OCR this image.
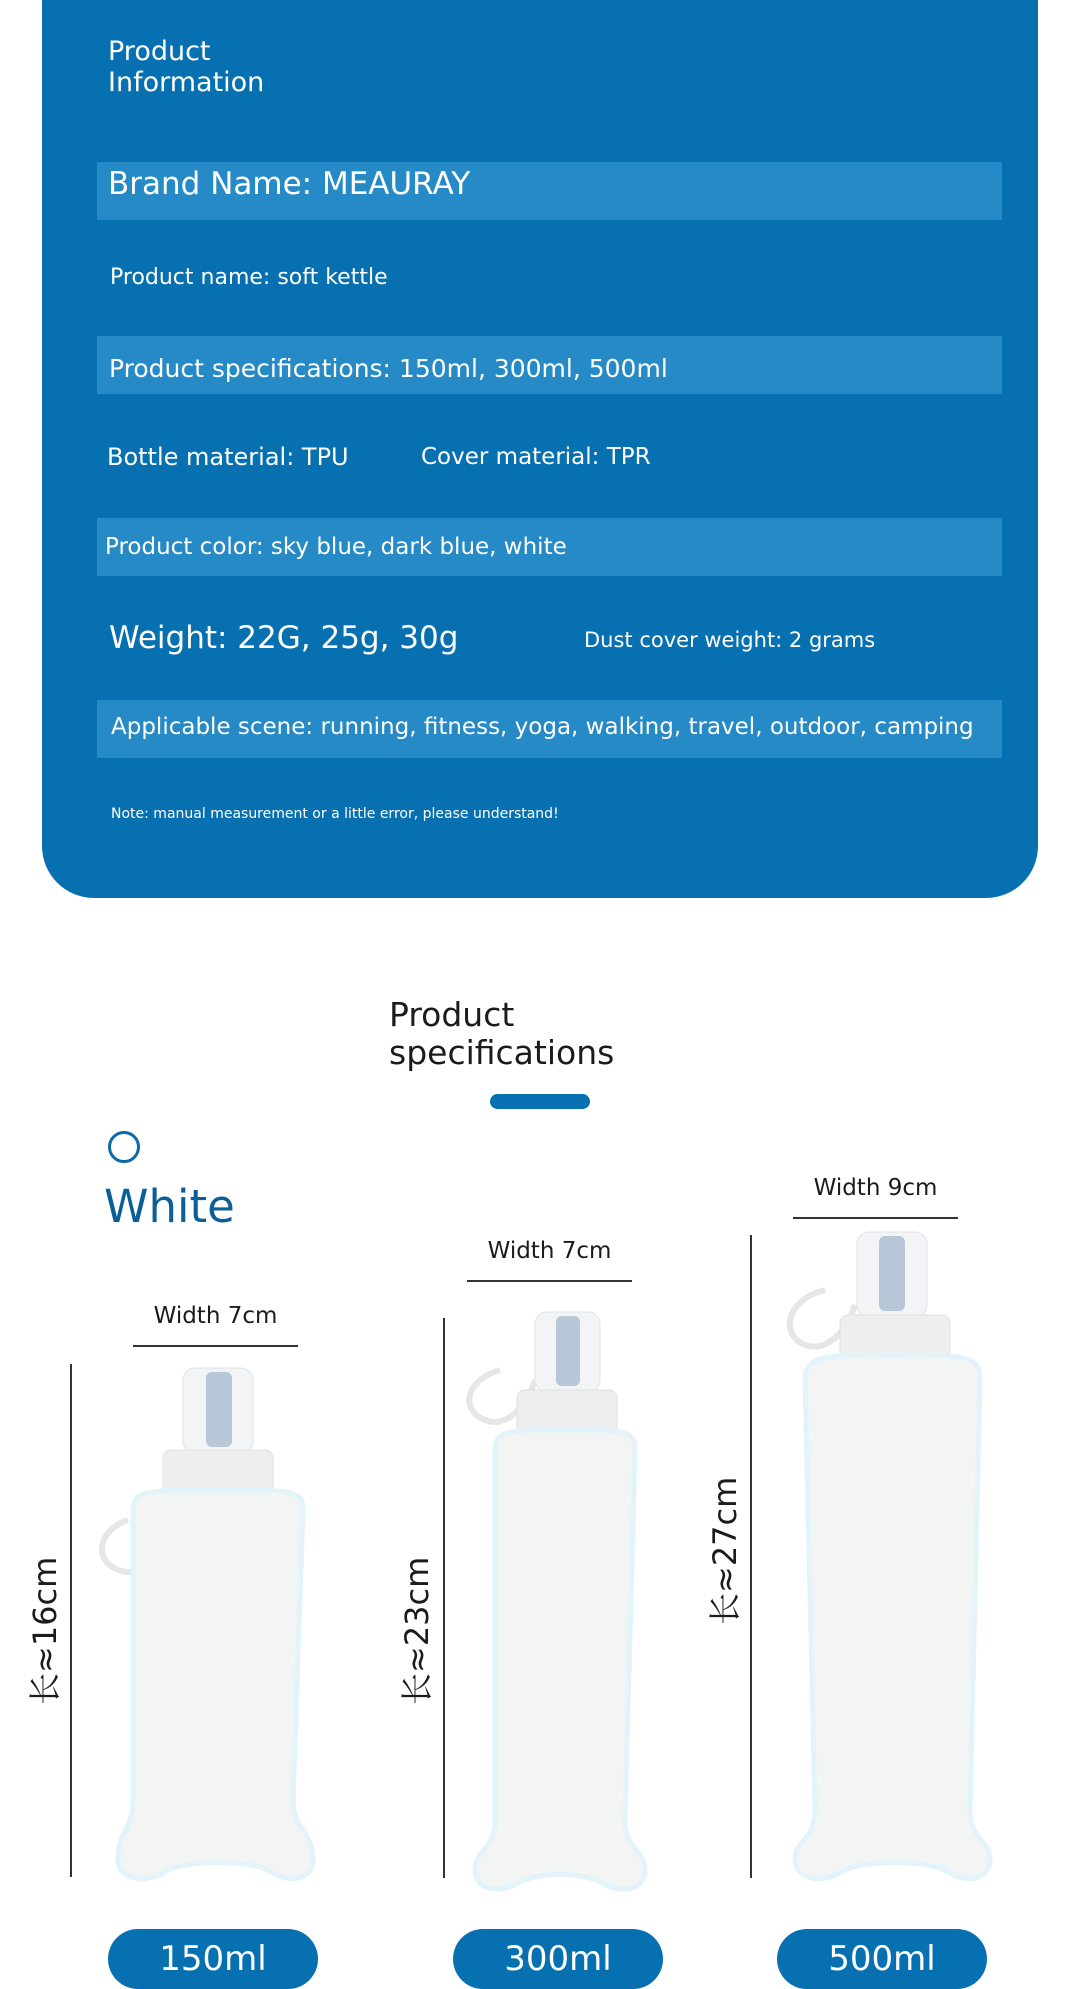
Product Information
Brand Name: MEAURAY
Product name: soft kettle
Product specifications: 150ml, 300ml, 500ml
Bottle material: TPU	Cover material: TPR
Product color: sky blue, dark blue, white
Weight: 22G, 25g, 30g	Dust cover weight: 2 grams
Applicable scene: running, fitness, yoga, walking, travel, outdoor, camping
Note: manual measurement or a little error, please understand!
Product specifications
White
Width 7cm
长≈16cm
Width 7cm
长≈23cm
Width 9cm
长≈27cm
150ml	300ml	500ml
